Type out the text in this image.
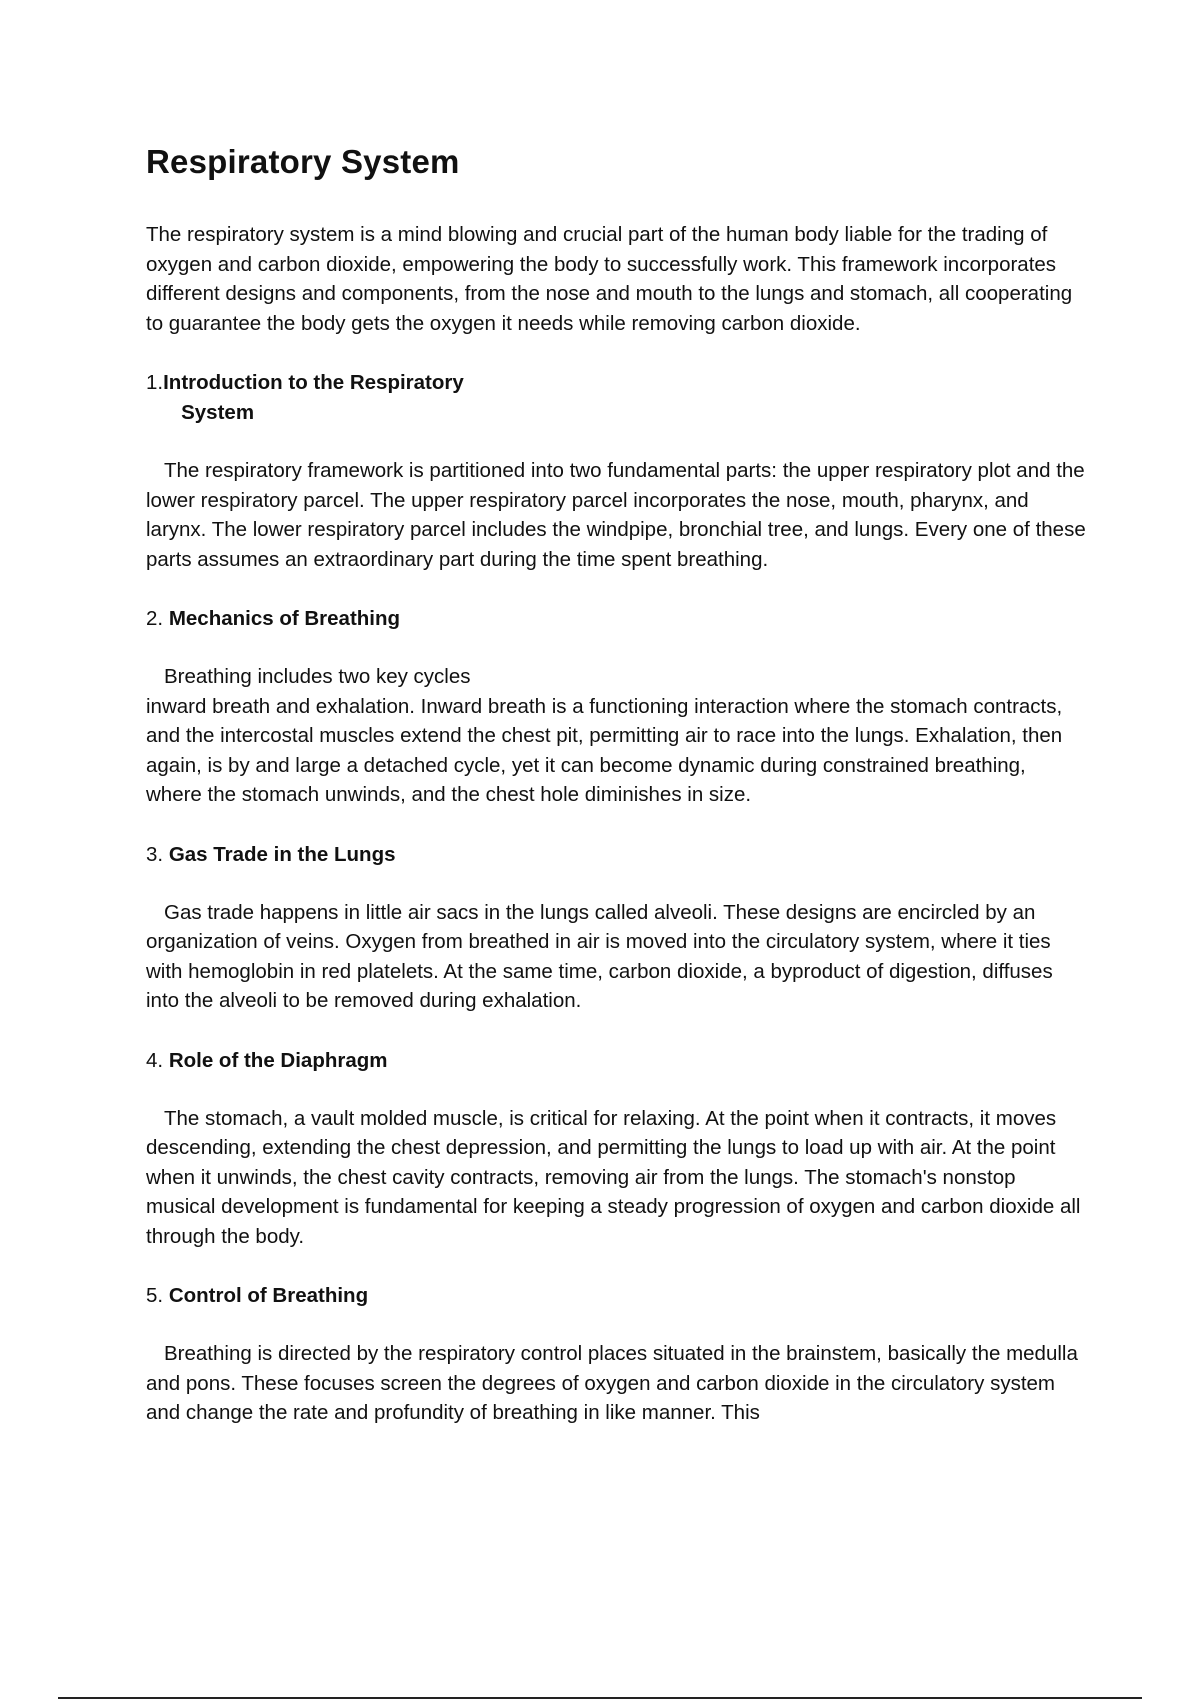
Respiratory System

The respiratory system is a mind blowing and crucial part of the human body liable for the trading of oxygen and carbon dioxide, empowering the body to successfully work. This framework incorporates different designs and components, from the nose and mouth to the lungs and stomach, all cooperating to guarantee the body gets the oxygen it needs while removing carbon dioxide.

1.Introduction to the Respiratory
System

The respiratory framework is partitioned into two fundamental parts: the upper respiratory plot and the lower respiratory parcel. The upper respiratory parcel incorporates the nose, mouth, pharynx, and larynx. The lower respiratory parcel includes the windpipe, bronchial tree, and lungs. Every one of these parts assumes an extraordinary part during the time spent breathing.

2. Mechanics of Breathing
Breathing includes two key cycles
inward breath and exhalation. Inward breath is a functioning interaction where the stomach contracts, and the intercostal muscles extend the chest pit, permitting air to race into the lungs. Exhalation, then again, is by and large a detached cycle, yet it can become dynamic during constrained breathing, where the stomach unwinds, and the chest hole diminishes in size.
3. Gas Trade in the Lungs

Gas trade happens in little air sacs in the lungs called alveoli. These designs are encircled by an organization of veins. Oxygen from breathed in air is moved into the circulatory system, where it ties with hemoglobin in red platelets. At the same time, carbon dioxide, a byproduct of digestion, diffuses into the alveoli to be removed during exhalation.

4. Role of the Diaphragm

The stomach, a vault molded muscle, is critical for relaxing. At the point when it contracts, it moves descending, extending the chest depression, and permitting the lungs to load up with air. At the point when it unwinds, the chest cavity contracts, removing air from the lungs. The stomach's nonstop musical development is fundamental for keeping a steady progression of oxygen and carbon dioxide all through the body.

5. Control of Breathing

Breathing is directed by the respiratory control places situated in the brainstem, basically the medulla and pons. These focuses screen the degrees of oxygen and carbon dioxide in the circulatory system and change the rate and profundity of breathing in like manner. This
